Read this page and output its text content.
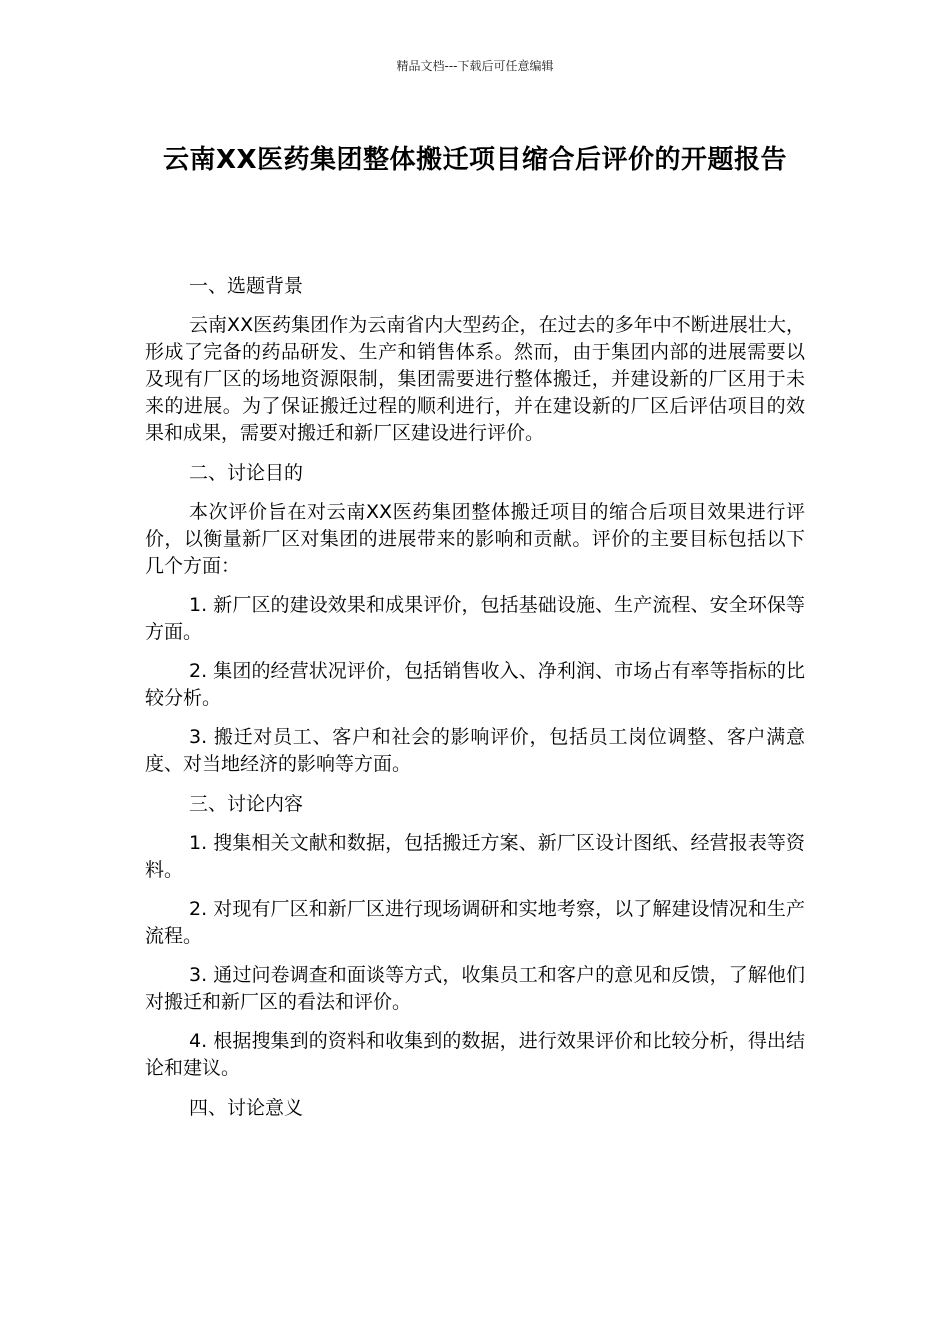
精品文档---下载后可任意编辑
云南XX医药集团整体搬迁项目缩合后评价的开题报告
一、选题背景
云南XX医药集团作为云南省内大型药企，在过去的多年中不断进展壮大，形成了完备的药品研发、生产和销售体系。然而，由于集团内部的进展需要以及现有厂区的场地资源限制，集团需要进行整体搬迁，并建设新的厂区用于未来的进展。为了保证搬迁过程的顺利进行，并在建设新的厂区后评估项目的效果和成果，需要对搬迁和新厂区建设进行评价。
二、讨论目的
本次评价旨在对云南XX医药集团整体搬迁项目的缩合后项目效果进行评价，以衡量新厂区对集团的进展带来的影响和贡献。评价的主要目标包括以下几个方面：
1. 新厂区的建设效果和成果评价，包括基础设施、生产流程、安全环保等方面。
2. 集团的经营状况评价，包括销售收入、净利润、市场占有率等指标的比较分析。
3. 搬迁对员工、客户和社会的影响评价，包括员工岗位调整、客户满意度、对当地经济的影响等方面。
三、讨论内容
1. 搜集相关文献和数据，包括搬迁方案、新厂区设计图纸、经营报表等资料。
2. 对现有厂区和新厂区进行现场调研和实地考察，以了解建设情况和生产流程。
3. 通过问卷调查和面谈等方式，收集员工和客户的意见和反馈，了解他们对搬迁和新厂区的看法和评价。
4. 根据搜集到的资料和收集到的数据，进行效果评价和比较分析，得出结论和建议。
四、讨论意义
